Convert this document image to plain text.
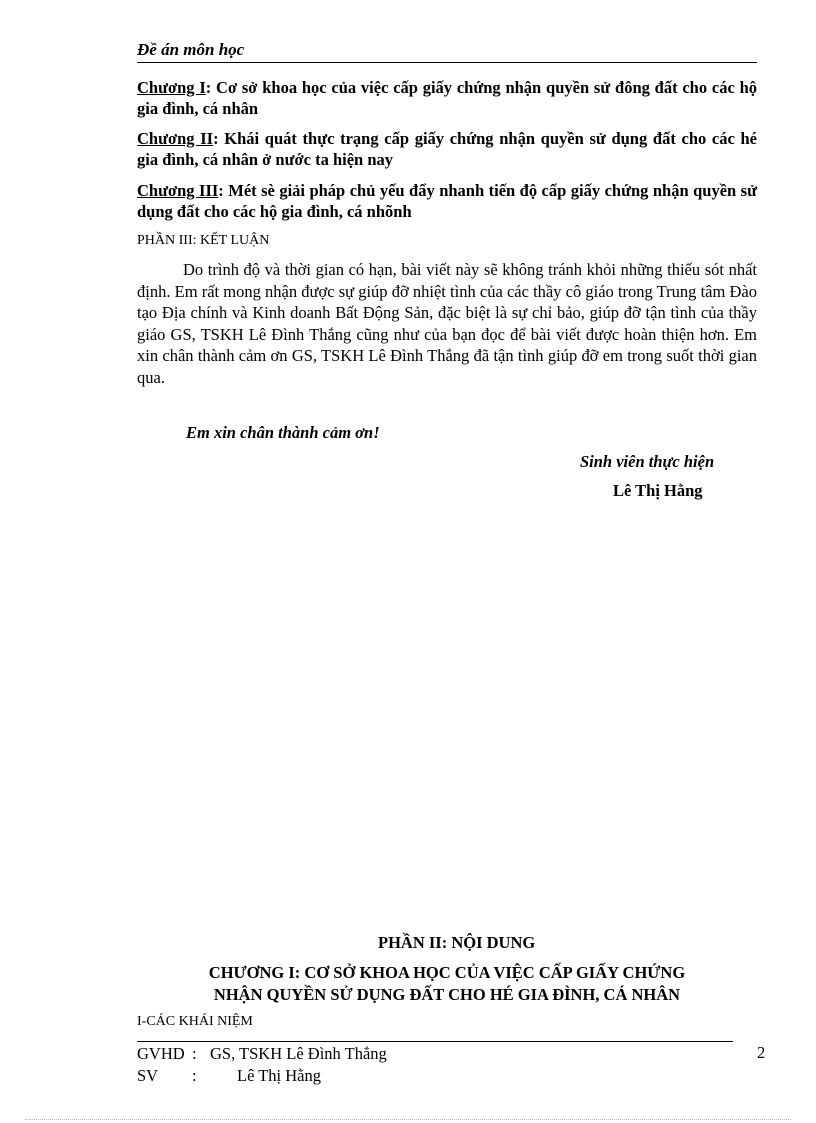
Đề án môn học
Chương I: Cơ sở khoa học của việc cấp giấy chứng nhận quyền sử đông đất cho các hộ gia đình, cá nhân
Chương II: Khái quát thực trạng cấp giấy chứng nhận quyền sử dụng đất cho các hé gia đình, cá nhân ở nước ta hiện nay
Chương III: Mét sè giải pháp chủ yếu đẩy nhanh tiến độ cấp giấy chứng nhận quyền sử dụng đất cho các hộ gia đình, cá nhõnh
PHẦN III: KẾT LUẬN
Do trình độ và thời gian có hạn, bài viết này sẽ không tránh khỏi những thiếu sót nhất định. Em rất mong nhận được sự giúp đỡ nhiệt tình của các thầy cô giáo trong Trung tâm Đào tạo Địa chính và Kinh doanh Bất Động Sản, đặc biệt là sự chỉ bảo, giúp đỡ tận tình của thầy giáo GS, TSKH Lê Đình Thắng cũng như của bạn đọc để bài viết được hoàn thiện hơn. Em xin chân thành cảm ơn GS, TSKH Lê Đình Thắng đã tận tình giúp đỡ em trong suốt thời gian qua.
Em xin chân thành cảm ơn!
Sinh viên thực hiện
Lê Thị Hằng
PHẦN II: NỘI DUNG
CHƯƠNG I: CƠ SỞ KHOA HỌC CỦA VIỆC CẤP GIẤY CHỨNG
NHẬN QUYỀN SỬ DỤNG ĐẤT CHO HÉ GIA ĐÌNH, CÁ NHÂN
I-CÁC KHÁI NIỆM
GVHD : GS, TSKH Lê Đình Thắng
SV : Lê Thị Hằng
2
